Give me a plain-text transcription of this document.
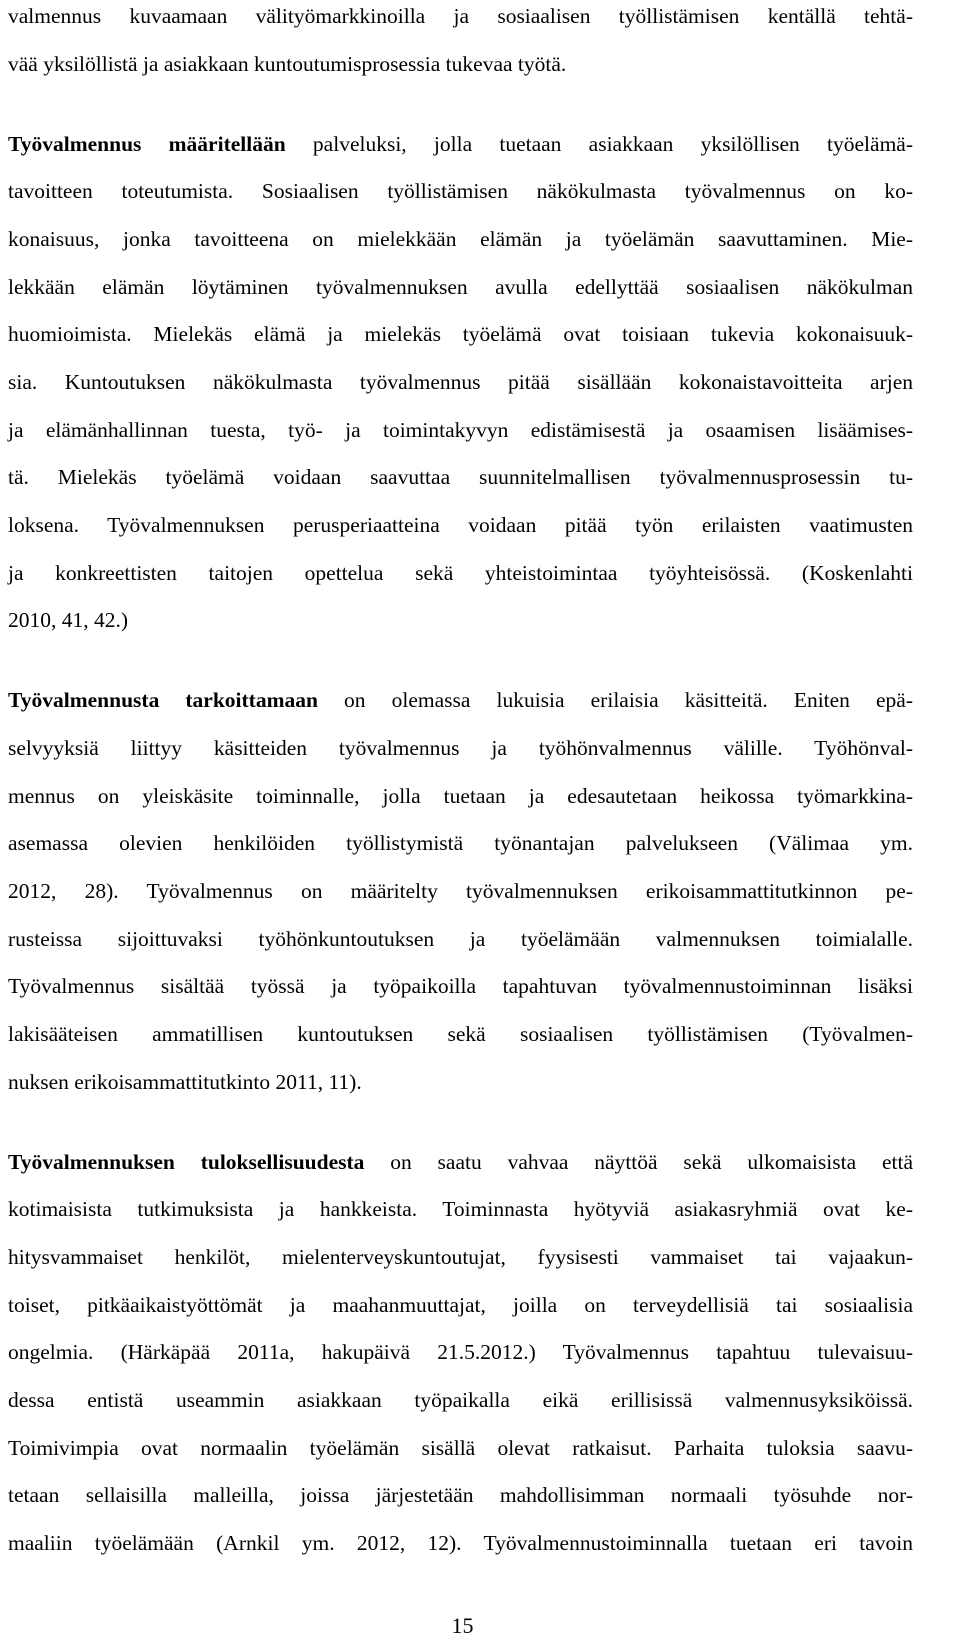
valmennus kuvaamaan välityömarkkinoilla ja sosiaalisen työllistämisen kentällä tehtä-
vää yksilöllistä ja asiakkaan kuntoutumisprosessia tukevaa työtä.
Työvalmennus määritellään palveluksi, jolla tuetaan asiakkaan yksilöllisen työelämä-
tavoitteen toteutumista. Sosiaalisen työllistämisen näkökulmasta työvalmennus on ko-
konaisuus, jonka tavoitteena on mielekkään elämän ja työelämän saavuttaminen. Mie-
lekkään elämän löytäminen työvalmennuksen avulla edellyttää sosiaalisen näkökulman
huomioimista. Mielekäs elämä ja mielekäs työelämä ovat toisiaan tukevia kokonaisuuk-
sia. Kuntoutuksen näkökulmasta työvalmennus pitää sisällään kokonaistavoitteita arjen
ja elämänhallinnan tuesta, työ- ja toimintakyvyn edistämisestä ja osaamisen lisäämises-
tä. Mielekäs työelämä voidaan saavuttaa suunnitelmallisen työvalmennusprosessin tu-
loksena. Työvalmennuksen perusperiaatteina voidaan pitää työn erilaisten vaatimusten
ja konkreettisten taitojen opettelua sekä yhteistoimintaa työyhteisössä. (Koskenlahti
2010, 41, 42.)
Työvalmennusta tarkoittamaan on olemassa lukuisia erilaisia käsitteitä. Eniten epä-
selvyyksiä liittyy käsitteiden työvalmennus ja työhönvalmennus välille. Työhönval-
mennus on yleiskäsite toiminnalle, jolla tuetaan ja edesautetaan heikossa työmarkkina-
asemassa olevien henkilöiden työllistymistä työnantajan palvelukseen (Välimaa ym.
2012, 28). Työvalmennus on määritelty työvalmennuksen erikoisammattitutkinnon pe-
rusteissa sijoittuvaksi työhönkuntoutuksen ja työelämään valmennuksen toimialalle.
Työvalmennus sisältää työssä ja työpaikoilla tapahtuvan työvalmennustoiminnan lisäksi
lakisääteisen ammatillisen kuntoutuksen sekä sosiaalisen työllistämisen (Työvalmen-
nuksen erikoisammattitutkinto 2011, 11).
Työvalmennuksen tuloksellisuudesta on saatu vahvaa näyttöä sekä ulkomaisista että
kotimaisista tutkimuksista ja hankkeista. Toiminnasta hyötyviä asiakasryhmiä ovat ke-
hitysvammaiset henkilöt, mielenterveyskuntoutujat, fyysisesti vammaiset tai vajaakun-
toiset, pitkäaikaistyöttömät ja maahanmuuttajat, joilla on terveydellisiä tai sosiaalisia
ongelmia. (Härkäpää 2011a, hakupäivä 21.5.2012.) Työvalmennus tapahtuu tulevaisuu-
dessa entistä useammin asiakkaan työpaikalla eikä erillisissä valmennusyksiköissä.
Toimivimpia ovat normaalin työelämän sisällä olevat ratkaisut. Parhaita tuloksia saavu-
tetaan sellaisilla malleilla, joissa järjestetään mahdollisimman normaali työsuhde nor-
maaliin työelämään (Arnkil ym. 2012, 12). Työvalmennustoiminnalla tuetaan eri tavoin
15
